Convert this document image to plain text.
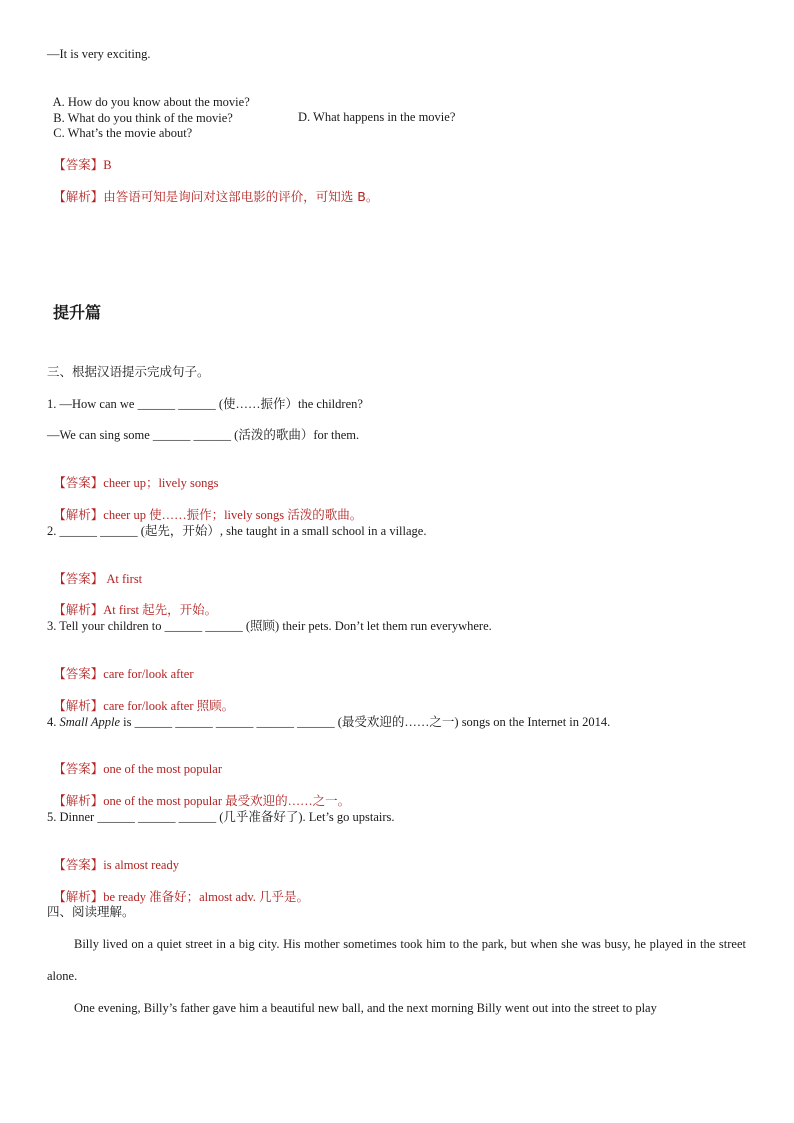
—It is very exciting.

A. How do you know about the movie?
B. What do you think of the movie?

C. What’s the movie about?

D. What happens in the movie?

【答案】B

【解析】由答语可知是询问对这部电影的评价，可知选 B。

提升篇
三、根据汉语提示完成句子。
1. —How can we ______ ______ (使……振作）the children?
—We can sing some ______ ______ (活泼的歌曲）for them.

【答案】cheer up；lively songs

【解析】cheer up 使……振作；lively songs 活泼的歌曲。

2. ______ ______ (起先，开始）, she taught in a small school in a village.

【答案】 At first

【解析】At first 起先，开始。

3. Tell your children to ______ ______ (照顾) their pets. Don’t let them run everywhere.

【答案】care for/look after

【解析】care for/look after 照顾。

4. Small Apple is ______ ______ ______ ______ ______ (最受欢迎的……之一) songs on the Internet in 2014.

【答案】one of the most popular

【解析】one of the most popular 最受欢迎的……之一。

5. Dinner ______ ______ ______ (几乎准备好了). Let’s go upstairs.

【答案】is almost ready

【解析】be ready 准备好；almost adv. 几乎是。

四、阅读理解。
Billy lived on a quiet street in a big city. His mother sometimes took him to the park, but when she was busy, he played in the street alone.
One evening, Billy’s father gave him a beautiful new ball, and the next morning Billy went out into the street to play
